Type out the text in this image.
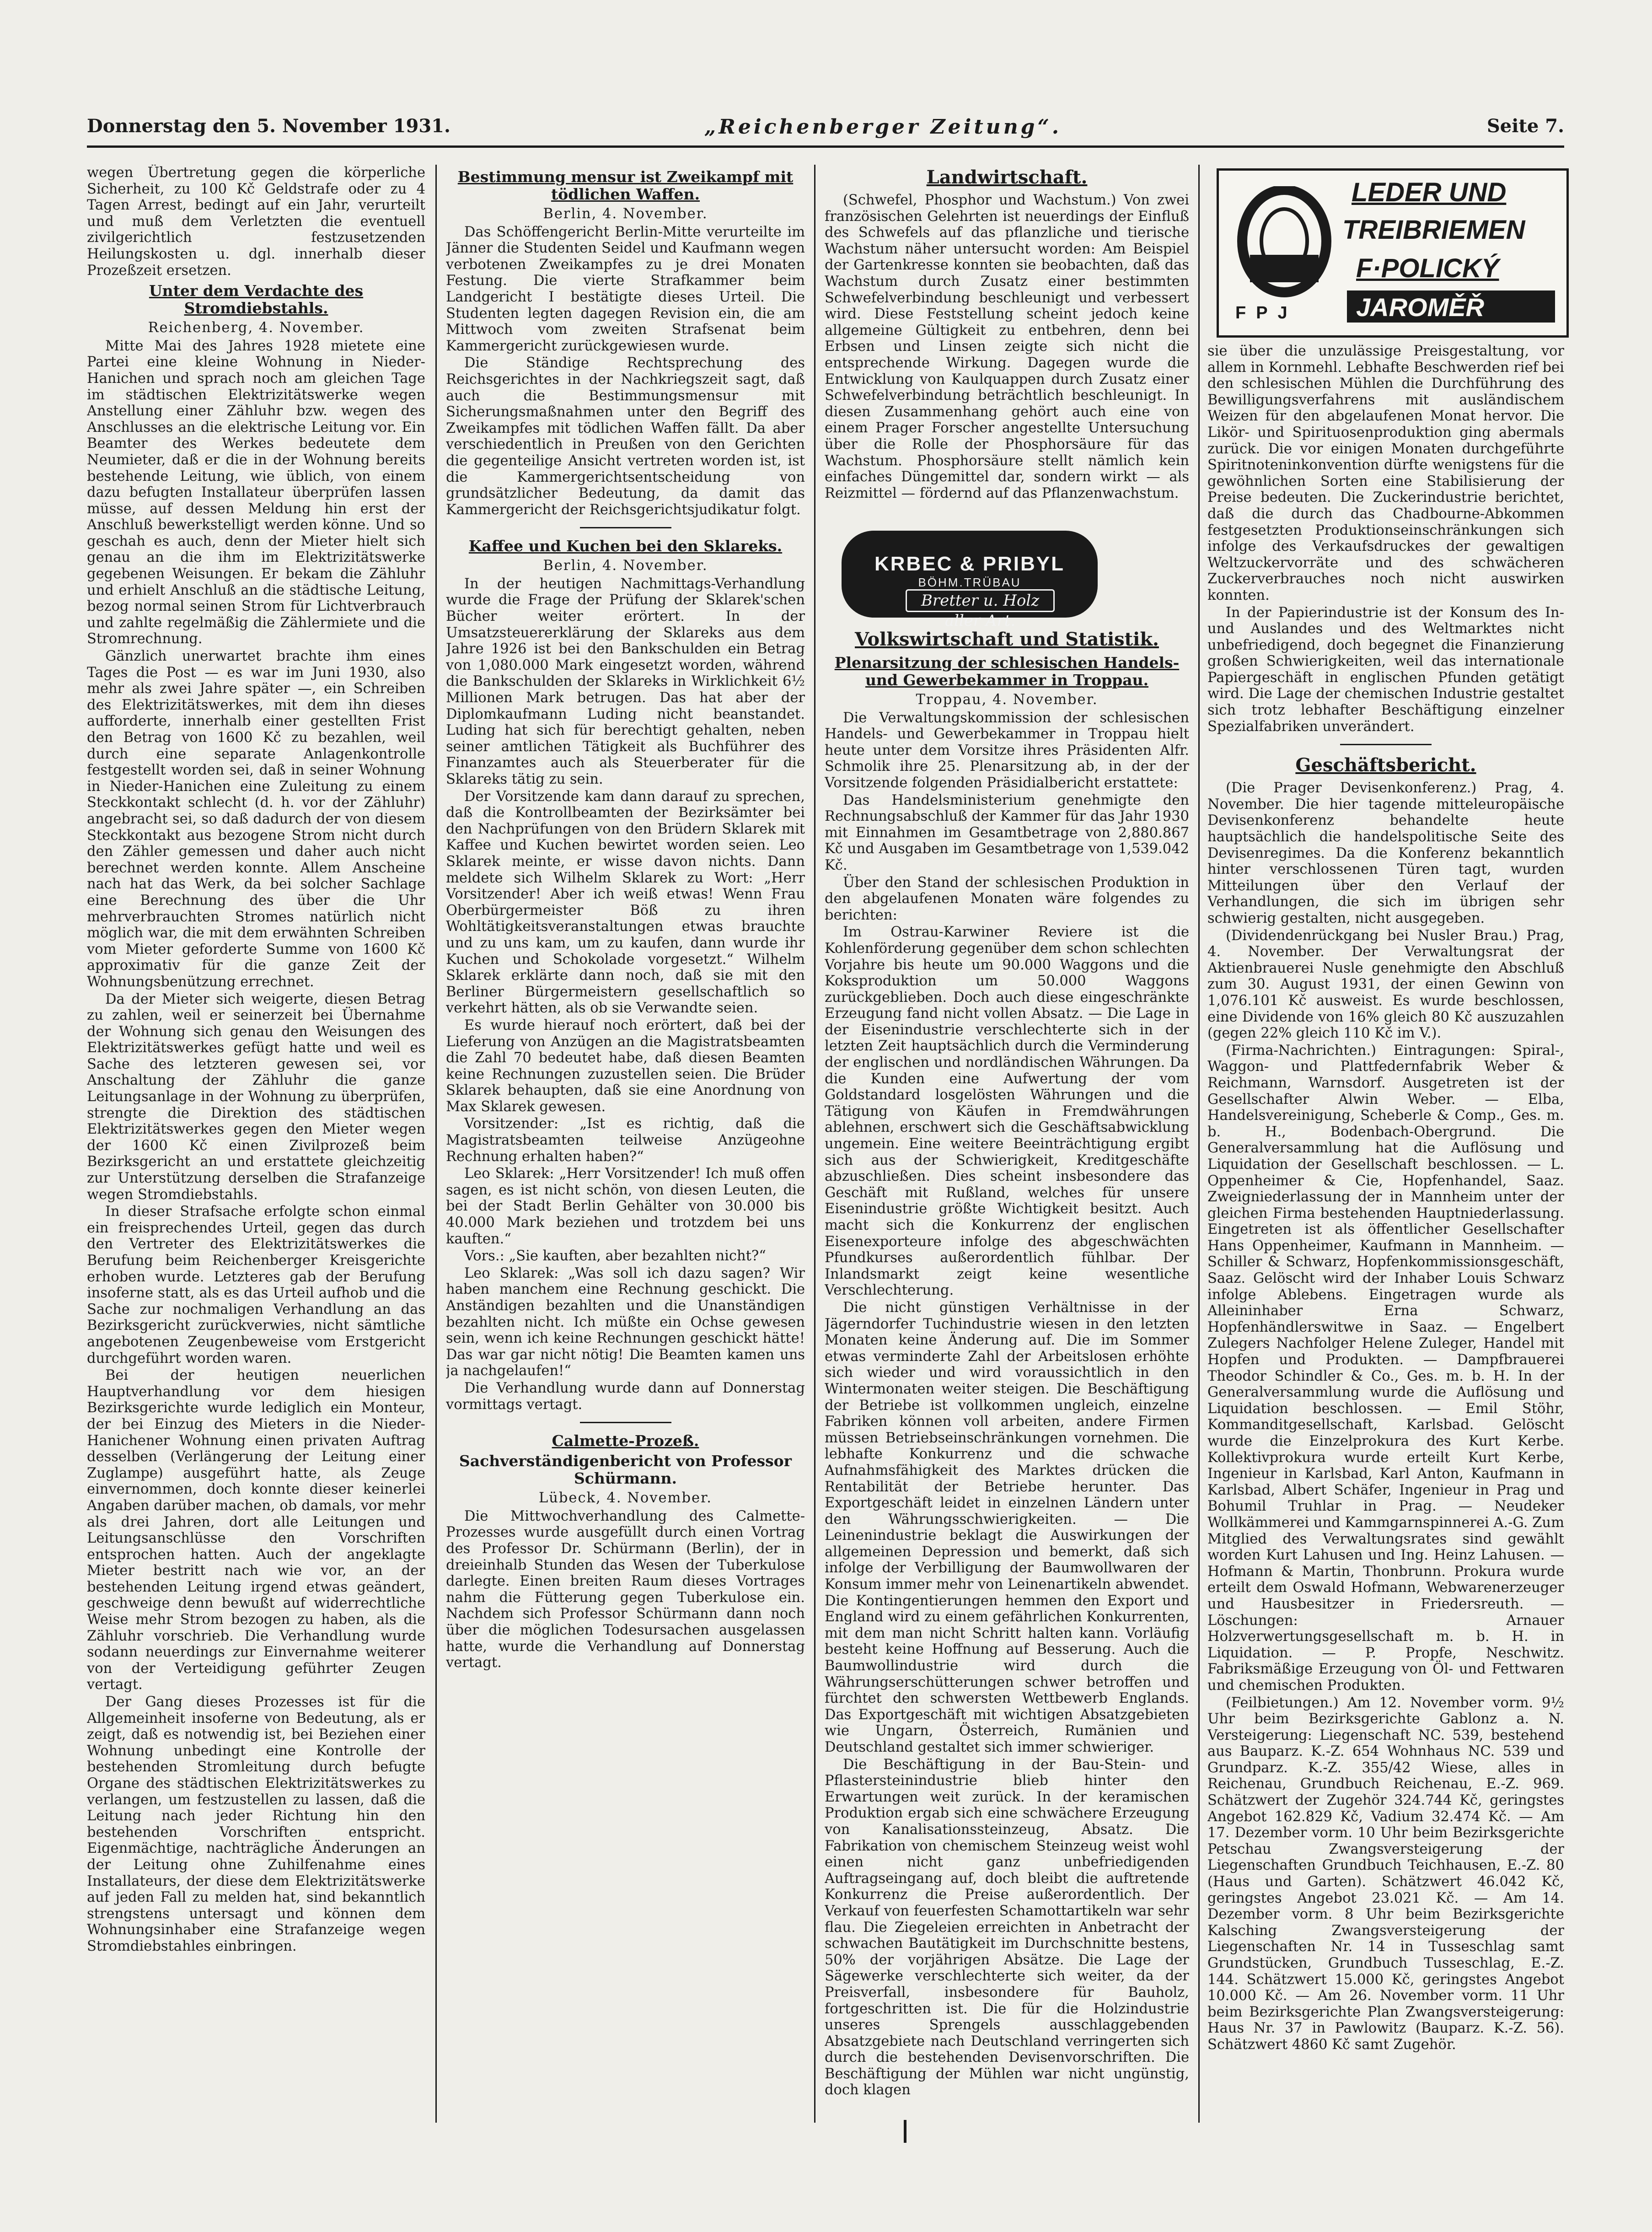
Donnerstag den 5. November 1931.	„Reichenberger Zeitung“.	Seite 7.

wegen Übertretung gegen die körperliche Sicherheit, zu 100 Kč Geldstrafe oder zu 4 Tagen Arrest, bedingt auf ein Jahr, verurteilt und muß dem Verletzten die eventuell zivilgerichtlich festzusetzenden Heilungskosten u. dgl. innerhalb dieser Prozeßzeit ersetzen.

Unter dem Verdachte des Stromdiebstahls.
Reichenberg, 4. November.

Mitte Mai des Jahres 1928 mietete eine Partei eine kleine Wohnung in Nieder-Hanichen und sprach noch am gleichen Tage im städtischen Elektrizitätswerke wegen Anstellung einer Zähluhr bzw. wegen des Anschlusses an die elektrische Leitung vor. Ein Beamter des Werkes bedeutete dem Neumieter, daß er die in der Wohnung bereits bestehende Leitung, wie üblich, von einem dazu befugten Installateur überprüfen lassen müsse, auf dessen Meldung hin erst der Anschluß bewerkstelligt werden könne. Und so geschah es auch, denn der Mieter hielt sich genau an die ihm im Elektrizitätswerke gegebenen Weisungen. Er bekam die Zähluhr und erhielt Anschluß an die städtische Leitung, bezog normal seinen Strom für Lichtverbrauch und zahlte regelmäßig die Zählermiete und die Stromrechnung.

Gänzlich unerwartet brachte ihm eines Tages die Post — es war im Juni 1930, also mehr als zwei Jahre später —, ein Schreiben des Elektrizitätswerkes, mit dem ihn dieses aufforderte, innerhalb einer gestellten Frist den Betrag von 1600 Kč zu bezahlen, weil durch eine separate Anlagenkontrolle festgestellt worden sei, daß in seiner Wohnung in Nieder-Hanichen eine Zuleitung zu einem Steckkontakt schlecht (d. h. vor der Zähluhr) angebracht sei, so daß dadurch der von diesem Steckkontakt aus bezogene Strom nicht durch den Zähler gemessen und daher auch nicht berechnet werden konnte. Allem Anscheine nach hat das Werk, da bei solcher Sachlage eine Berechnung des über die Uhr mehrverbrauchten Stromes natürlich nicht möglich war, die mit dem erwähnten Schreiben vom Mieter geforderte Summe von 1600 Kč approximativ für die ganze Zeit der Wohnungsbenützung errechnet.

Da der Mieter sich weigerte, diesen Betrag zu zahlen, weil er seinerzeit bei Übernahme der Wohnung sich genau den Weisungen des Elektrizitätswerkes gefügt hatte und weil es Sache des letzteren gewesen sei, vor Anschaltung der Zähluhr die ganze Leitungsanlage in der Wohnung zu überprüfen, strengte die Direktion des städtischen Elektrizitätswerkes gegen den Mieter wegen der 1600 Kč einen Zivilprozeß beim Bezirksgericht an und erstattete gleichzeitig zur Unterstützung derselben die Strafanzeige wegen Stromdiebstahls.

In dieser Strafsache erfolgte schon einmal ein freisprechendes Urteil, gegen das durch den Vertreter des Elektrizitätswerkes die Berufung beim Reichenberger Kreisgerichte erhoben wurde. Letzteres gab der Berufung insoferne statt, als es das Urteil aufhob und die Sache zur nochmaligen Verhandlung an das Bezirksgericht zurückverwies, nicht sämtliche angebotenen Zeugenbeweise vom Erstgericht durchgeführt worden waren.

Bei der heutigen neuerlichen Hauptverhandlung vor dem hiesigen Bezirksgerichte wurde lediglich ein Monteur, der bei Einzug des Mieters in die Nieder-Hanichener Wohnung einen privaten Auftrag desselben (Verlängerung der Leitung einer Zuglampe) ausgeführt hatte, als Zeuge einvernommen, doch konnte dieser keinerlei Angaben darüber machen, ob damals, vor mehr als drei Jahren, dort alle Leitungen und Leitungsanschlüsse den Vorschriften entsprochen hatten. Auch der angeklagte Mieter bestritt nach wie vor, an der bestehenden Leitung irgend etwas geändert, geschweige denn bewußt auf widerrechtliche Weise mehr Strom bezogen zu haben, als die Zähluhr vorschrieb. Die Verhandlung wurde sodann neuerdings zur Einvernahme weiterer von der Verteidigung geführter Zeugen vertagt.

Der Gang dieses Prozesses ist für die Allgemeinheit insoferne von Bedeutung, als er zeigt, daß es notwendig ist, bei Beziehen einer Wohnung unbedingt eine Kontrolle der bestehenden Stromleitung durch befugte Organe des städtischen Elektrizitätswerkes zu verlangen, um festzustellen zu lassen, daß die Leitung nach jeder Richtung hin den bestehenden Vorschriften entspricht. Eigenmächtige, nachträgliche Änderungen an der Leitung ohne Zuhilfenahme eines Installateurs, der diese dem Elektrizitätswerke auf jeden Fall zu melden hat, sind bekanntlich strengstens untersagt und können dem Wohnungsinhaber eine Strafanzeige wegen Stromdiebstahles einbringen.

Bestimmung mensur ist Zweikampf mit tödlichen Waffen.
Berlin, 4. November.

Das Schöffengericht Berlin-Mitte verurteilte im Jänner die Studenten Seidel und Kaufmann wegen verbotenen Zweikampfes zu je drei Monaten Festung. Die vierte Strafkammer beim Landgericht I bestätigte dieses Urteil. Die Studenten legten dagegen Revision ein, die am Mittwoch vom zweiten Strafsenat beim Kammergericht zurückgewiesen wurde.

Die Ständige Rechtsprechung des Reichsgerichtes in der Nachkriegszeit sagt, daß auch die Bestimmungsmensur mit Sicherungsmaßnahmen unter den Begriff des Zweikampfes mit tödlichen Waffen fällt. Da aber verschiedentlich in Preußen von den Gerichten die gegenteilige Ansicht vertreten worden ist, ist die Kammergerichtsentscheidung von grundsätzlicher Bedeutung, da damit das Kammergericht der Reichsgerichtsjudikatur folgt.

Kaffee und Kuchen bei den Sklareks.
Berlin, 4. November.

In der heutigen Nachmittags-Verhandlung wurde die Frage der Prüfung der Sklarek'schen Bücher weiter erörtert. In der Umsatzsteuererklärung der Sklareks aus dem Jahre 1926 ist bei den Bankschulden ein Betrag von 1,080.000 Mark eingesetzt worden, während die Bankschulden der Sklareks in Wirklichkeit 6½ Millionen Mark betrugen. Das hat aber der Diplomkaufmann Luding nicht beanstandet. Luding hat sich für berechtigt gehalten, neben seiner amtlichen Tätigkeit als Buchführer des Finanzamtes auch als Steuerberater für die Sklareks tätig zu sein.

Der Vorsitzende kam dann darauf zu sprechen, daß die Kontrollbeamten der Bezirksämter bei den Nachprüfungen von den Brüdern Sklarek mit Kaffee und Kuchen bewirtet worden seien. Leo Sklarek meinte, er wisse davon nichts. Dann meldete sich Wilhelm Sklarek zu Wort: „Herr Vorsitzender! Aber ich weiß etwas! Wenn Frau Oberbürgermeister Böß zu ihren Wohltätigkeitsveranstaltungen etwas brauchte und zu uns kam, um zu kaufen, dann wurde ihr Kuchen und Schokolade vorgesetzt.“ Wilhelm Sklarek erklärte dann noch, daß sie mit den Berliner Bürgermeistern gesellschaftlich so verkehrt hätten, als ob sie Verwandte seien.

Es wurde hierauf noch erörtert, daß bei der Lieferung von Anzügen an die Magistratsbeamten die Zahl 70 bedeutet habe, daß diesen Beamten keine Rechnungen zuzustellen seien. Die Brüder Sklarek behaupten, daß sie eine Anordnung von Max Sklarek gewesen.

Vorsitzender: „Ist es richtig, daß die Magistratsbeamten teilweise Anzügeohne Rechnung erhalten haben?“

Leo Sklarek: „Herr Vorsitzender! Ich muß offen sagen, es ist nicht schön, von diesen Leuten, die bei der Stadt Berlin Gehälter von 30.000 bis 40.000 Mark beziehen und trotzdem bei uns kauften.“

Vors.: „Sie kauften, aber bezahlten nicht?“

Leo Sklarek: „Was soll ich dazu sagen? Wir haben manchem eine Rechnung geschickt. Die Anständigen bezahlten und die Unanständigen bezahlten nicht. Ich müßte ein Ochse gewesen sein, wenn ich keine Rechnungen geschickt hätte! Das war gar nicht nötig! Die Beamten kamen uns ja nachgelaufen!“

Die Verhandlung wurde dann auf Donnerstag vormittags vertagt.

Calmette-Prozeß.
Sachverständigenbericht von Professor Schürmann.
Lübeck, 4. November.

Die Mittwochverhandlung des Calmette-Prozesses wurde ausgefüllt durch einen Vortrag des Professor Dr. Schürmann (Berlin), der in dreieinhalb Stunden das Wesen der Tuberkulose darlegte. Einen breiten Raum dieses Vortrages nahm die Fütterung gegen Tuberkulose ein. Nachdem sich Professor Schürmann dann noch über die möglichen Todesursachen ausgelassen hatte, wurde die Verhandlung auf Donnerstag vertagt.

Landwirtschaft.

(Schwefel, Phosphor und Wachstum.) Von zwei französischen Gelehrten ist neuerdings der Einfluß des Schwefels auf das pflanzliche und tierische Wachstum näher untersucht worden: Am Beispiel der Gartenkresse konnten sie beobachten, daß das Wachstum durch Zusatz einer bestimmten Schwefelverbindung beschleunigt und verbessert wird. Diese Feststellung scheint jedoch keine allgemeine Gültigkeit zu entbehren, denn bei Erbsen und Linsen zeigte sich nicht die entsprechende Wirkung. Dagegen wurde die Entwicklung von Kaulquappen durch Zusatz einer Schwefelverbindung beträchtlich beschleunigt. In diesen Zusammenhang gehört auch eine von einem Prager Forscher angestellte Untersuchung über die Rolle der Phosphorsäure für das Wachstum. Phosphorsäure stellt nämlich kein einfaches Düngemittel dar, sondern wirkt — als Reizmittel — fördernd auf das Pflanzenwachstum.

KRBEC & PRIBYL
BÖHM.TRÜBAU
Bretter u. Holz aller Art.
Volkswirtschaft und Statistik.
Plenarsitzung der schlesischen Handels- und Gewerbekammer in Troppau.
Troppau, 4. November.

Die Verwaltungskommission der schlesischen Handels- und Gewerbekammer in Troppau hielt heute unter dem Vorsitze ihres Präsidenten Alfr. Schmolik ihre 25. Plenarsitzung ab, in der der Vorsitzende folgenden Präsidialbericht erstattete:

Das Handelsministerium genehmigte den Rechnungsabschluß der Kammer für das Jahr 1930 mit Einnahmen im Gesamtbetrage von 2,880.867 Kč und Ausgaben im Gesamtbetrage von 1,539.042 Kč.

Über den Stand der schlesischen Produktion in den abgelaufenen Monaten wäre folgendes zu berichten:

Im Ostrau-Karwiner Reviere ist die Kohlenförderung gegenüber dem schon schlechten Vorjahre bis heute um 90.000 Waggons und die Koksproduktion um 50.000 Waggons zurückgeblieben. Doch auch diese eingeschränkte Erzeugung fand nicht vollen Absatz. — Die Lage in der Eisenindustrie verschlechterte sich in der letzten Zeit hauptsächlich durch die Verminderung der englischen und nordländischen Währungen. Da die Kunden eine Aufwertung der vom Goldstandard losgelösten Währungen und die Tätigung von Käufen in Fremdwährungen ablehnen, erschwert sich die Geschäftsabwicklung ungemein. Eine weitere Beeinträchtigung ergibt sich aus der Schwierigkeit, Kreditgeschäfte abzuschließen. Dies scheint insbesondere das Geschäft mit Rußland, welches für unsere Eisenindustrie größte Wichtigkeit besitzt. Auch macht sich die Konkurrenz der englischen Eisenexporteure infolge des abgeschwächten Pfundkurses außerordentlich fühlbar. Der Inlandsmarkt zeigt keine wesentliche Verschlechterung.

Die nicht günstigen Verhältnisse in der Jägerndorfer Tuchindustrie wiesen in den letzten Monaten keine Änderung auf. Die im Sommer etwas verminderte Zahl der Arbeitslosen erhöhte sich wieder und wird voraussichtlich in den Wintermonaten weiter steigen. Die Beschäftigung der Betriebe ist vollkommen ungleich, einzelne Fabriken können voll arbeiten, andere Firmen müssen Betriebseinschränkungen vornehmen. Die lebhafte Konkurrenz und die schwache Aufnahmsfähigkeit des Marktes drücken die Rentabilität der Betriebe herunter. Das Exportgeschäft leidet in einzelnen Ländern unter den Währungsschwierigkeiten. — Die Leinenindustrie beklagt die Auswirkungen der allgemeinen Depression und bemerkt, daß sich infolge der Verbilligung der Baumwollwaren der Konsum immer mehr von Leinenartikeln abwendet. Die Kontingentierungen hemmen den Export und England wird zu einem gefährlichen Konkurrenten, mit dem man nicht Schritt halten kann. Vorläufig besteht keine Hoffnung auf Besserung. Auch die Baumwollindustrie wird durch die Währungserschütterungen schwer betroffen und fürchtet den schwersten Wettbewerb Englands. Das Exportgeschäft mit wichtigen Absatzgebieten wie Ungarn, Österreich, Rumänien und Deutschland gestaltet sich immer schwieriger.

Die Beschäftigung in der Bau-Stein- und Pflastersteinindustrie blieb hinter den Erwartungen weit zurück. In der keramischen Produktion ergab sich eine schwächere Erzeugung von Kanalisationssteinzeug, Absatz. Die Fabrikation von chemischem Steinzeug weist wohl einen nicht ganz unbefriedigenden Auftragseingang auf, doch bleibt die auftretende Konkurrenz die Preise außerordentlich. Der Verkauf von feuerfesten Schamottartikeln war sehr flau. Die Ziegeleien erreichten in Anbetracht der schwachen Bautätigkeit im Durchschnitte bestens, 50% der vorjährigen Absätze. Die Lage der Sägewerke verschlechterte sich weiter, da der Preisverfall, insbesondere für Bauholz, fortgeschritten ist. Die für die Holzindustrie unseres Sprengels ausschlaggebenden Absatzgebiete nach Deutschland verringerten sich durch die bestehenden Devisenvorschriften. Die Beschäftigung der Mühlen war nicht ungünstig, doch klagen

LEDER UND
TREIBRIEMEN
F·POLICKÝ
JAROMĚŘ
FPJ

sie über die unzulässige Preisgestaltung, vor allem in Kornmehl. Lebhafte Beschwerden rief bei den schlesischen Mühlen die Durchführung des Bewilligungsverfahrens mit ausländischem Weizen für den abgelaufenen Monat hervor. Die Likör- und Spirituosenproduktion ging abermals zurück. Die vor einigen Monaten durchgeführte Spiritnoteninkonvention dürfte wenigstens für die gewöhnlichen Sorten eine Stabilisierung der Preise bedeuten. Die Zuckerindustrie berichtet, daß die durch das Chadbourne-Abkommen festgesetzten Produktionseinschränkungen sich infolge des Verkaufsdruckes der gewaltigen Weltzuckervorräte und des schwächeren Zuckerverbrauches noch nicht auswirken konnten.

In der Papierindustrie ist der Konsum des In- und Auslandes und des Weltmarktes nicht unbefriedigend, doch begegnet die Finanzierung großen Schwierigkeiten, weil das internationale Papiergeschäft in englischen Pfunden getätigt wird. Die Lage der chemischen Industrie gestaltet sich trotz lebhafter Beschäftigung einzelner Spezialfabriken unverändert.

Geschäftsbericht.

(Die Prager Devisenkonferenz.) Prag, 4. November. Die hier tagende mitteleuropäische Devisenkonferenz behandelte heute hauptsächlich die handelspolitische Seite des Devisenregimes. Da die Konferenz bekanntlich hinter verschlossenen Türen tagt, wurden Mitteilungen über den Verlauf der Verhandlungen, die sich im übrigen sehr schwierig gestalten, nicht ausgegeben.

(Dividendenrückgang bei Nusler Brau.) Prag, 4. November. Der Verwaltungsrat der Aktienbrauerei Nusle genehmigte den Abschluß zum 30. August 1931, der einen Gewinn von 1,076.101 Kč ausweist. Es wurde beschlossen, eine Dividende von 16% gleich 80 Kč auszuzahlen (gegen 22% gleich 110 Kč im V.).

(Firma-Nachrichten.) Eintragungen: Spiral-, Waggon- und Plattfedernfabrik Weber & Reichmann, Warnsdorf. Ausgetreten ist der Gesellschafter Alwin Weber. — Elba, Handelsvereinigung, Scheberle & Comp., Ges. m. b. H., Bodenbach-Obergrund. Die Generalversammlung hat die Auflösung und Liquidation der Gesellschaft beschlossen. — L. Oppenheimer & Cie, Hopfenhandel, Saaz. Zweigniederlassung der in Mannheim unter der gleichen Firma bestehenden Hauptniederlassung. Eingetreten ist als öffentlicher Gesellschafter Hans Oppenheimer, Kaufmann in Mannheim. — Schiller & Schwarz, Hopfenkommissionsgeschäft, Saaz. Gelöscht wird der Inhaber Louis Schwarz infolge Ablebens. Eingetragen wurde als Alleininhaber Erna Schwarz, Hopfenhändlerswitwe in Saaz. — Engelbert Zulegers Nachfolger Helene Zuleger, Handel mit Hopfen und Produkten. — Dampfbrauerei Theodor Schindler & Co., Ges. m. b. H. In der Generalversammlung wurde die Auflösung und Liquidation beschlossen. — Emil Stöhr, Kommanditgesellschaft, Karlsbad. Gelöscht wurde die Einzelprokura des Kurt Kerbe. Kollektivprokura wurde erteilt Kurt Kerbe, Ingenieur in Karlsbad, Karl Anton, Kaufmann in Karlsbad, Albert Schäfer, Ingenieur in Prag und Bohumil Truhlar in Prag. — Neudeker Wollkämmerei und Kammgarnspinnerei A.-G. Zum Mitglied des Verwaltungsrates sind gewählt worden Kurt Lahusen und Ing. Heinz Lahusen. — Hofmann & Martin, Thonbrunn. Prokura wurde erteilt dem Oswald Hofmann, Webwarenerzeuger und Hausbesitzer in Friedersreuth. — Löschungen: Arnauer Holzverwertungsgesellschaft m. b. H. in Liquidation. — P. Propfe, Neschwitz. Fabriksmäßige Erzeugung von Öl- und Fettwaren und chemischen Produkten.

(Feilbietungen.) Am 12. November vorm. 9½ Uhr beim Bezirksgerichte Gablonz a. N. Versteigerung: Liegenschaft NC. 539, bestehend aus Bauparz. K.-Z. 654 Wohnhaus NC. 539 und Grundparz. K.-Z. 355/42 Wiese, alles in Reichenau, Grundbuch Reichenau, E.-Z. 969. Schätzwert der Zugehör 324.744 Kč, geringstes Angebot 162.829 Kč, Vadium 32.474 Kč. — Am 17. Dezember vorm. 10 Uhr beim Bezirksgerichte Petschau Zwangsversteigerung der Liegenschaften Grundbuch Teichhausen, E.-Z. 80 (Haus und Garten). Schätzwert 46.042 Kč, geringstes Angebot 23.021 Kč. — Am 14. Dezember vorm. 8 Uhr beim Bezirksgerichte Kalsching Zwangsversteigerung der Liegenschaften Nr. 14 in Tusseschlag samt Grundstücken, Grundbuch Tusseschlag, E.-Z. 144. Schätzwert 15.000 Kč, geringstes Angebot 10.000 Kč. — Am 26. November vorm. 11 Uhr beim Bezirksgerichte Plan Zwangsversteigerung: Haus Nr. 37 in Pawlowitz (Bauparz. K.-Z. 56). Schätzwert 4860 Kč samt Zugehör.
